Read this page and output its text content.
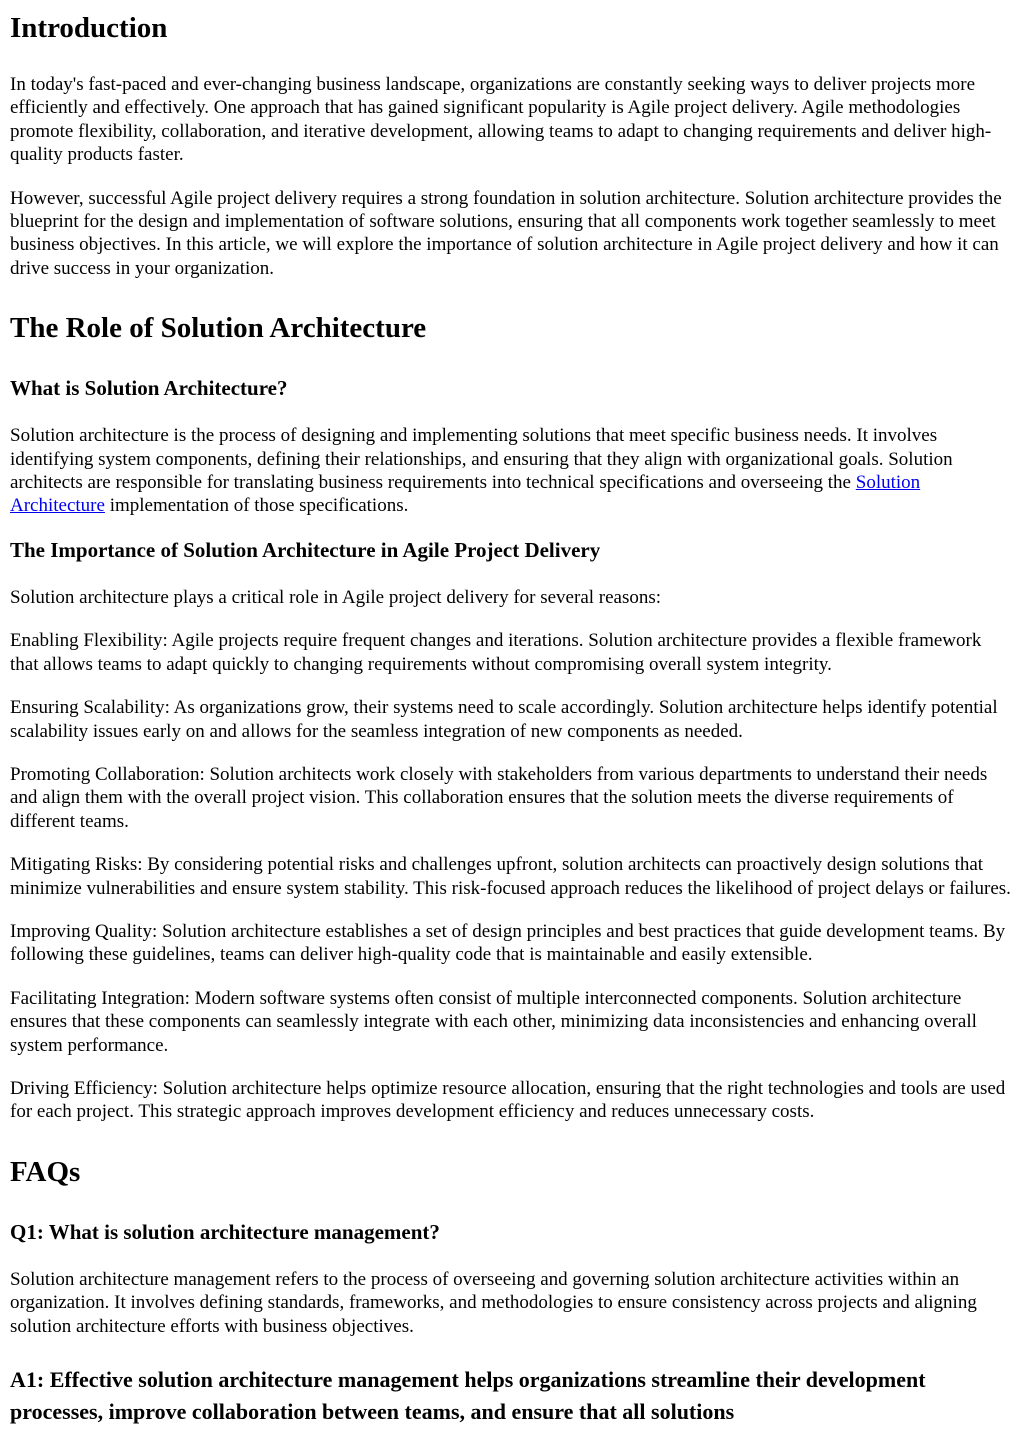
Introduction

In today's fast-paced and ever-changing business landscape, organizations are constantly seeking ways to deliver projects more efficiently and effectively. One approach that has gained significant popularity is Agile project delivery. Agile methodologies promote flexibility, collaboration, and iterative development, allowing teams to adapt to changing requirements and deliver high-quality products faster.

However, successful Agile project delivery requires a strong foundation in solution architecture. Solution architecture provides the blueprint for the design and implementation of software solutions, ensuring that all components work together seamlessly to meet business objectives. In this article, we will explore the importance of solution architecture in Agile project delivery and how it can drive success in your organization.

The Role of Solution Architecture
What is Solution Architecture?

Solution architecture is the process of designing and implementing solutions that meet specific business needs. It involves identifying system components, defining their relationships, and ensuring that they align with organizational goals. Solution architects are responsible for translating business requirements into technical specifications and overseeing the Solution Architecture implementation of those specifications.

The Importance of Solution Architecture in Agile Project Delivery

Solution architecture plays a critical role in Agile project delivery for several reasons:

Enabling Flexibility: Agile projects require frequent changes and iterations. Solution architecture provides a flexible framework that allows teams to adapt quickly to changing requirements without compromising overall system integrity.

Ensuring Scalability: As organizations grow, their systems need to scale accordingly. Solution architecture helps identify potential scalability issues early on and allows for the seamless integration of new components as needed.

Promoting Collaboration: Solution architects work closely with stakeholders from various departments to understand their needs and align them with the overall project vision. This collaboration ensures that the solution meets the diverse requirements of different teams.

Mitigating Risks: By considering potential risks and challenges upfront, solution architects can proactively design solutions that minimize vulnerabilities and ensure system stability. This risk-focused approach reduces the likelihood of project delays or failures.

Improving Quality: Solution architecture establishes a set of design principles and best practices that guide development teams. By following these guidelines, teams can deliver high-quality code that is maintainable and easily extensible.

Facilitating Integration: Modern software systems often consist of multiple interconnected components. Solution architecture ensures that these components can seamlessly integrate with each other, minimizing data inconsistencies and enhancing overall system performance.

Driving Efficiency: Solution architecture helps optimize resource allocation, ensuring that the right technologies and tools are used for each project. This strategic approach improves development efficiency and reduces unnecessary costs.

FAQs
Q1: What is solution architecture management?

Solution architecture management refers to the process of overseeing and governing solution architecture activities within an organization. It involves defining standards, frameworks, and methodologies to ensure consistency across projects and aligning solution architecture efforts with business objectives.

A1: Effective solution architecture management helps organizations streamline their development processes, improve collaboration between teams, and ensure that all solutions
